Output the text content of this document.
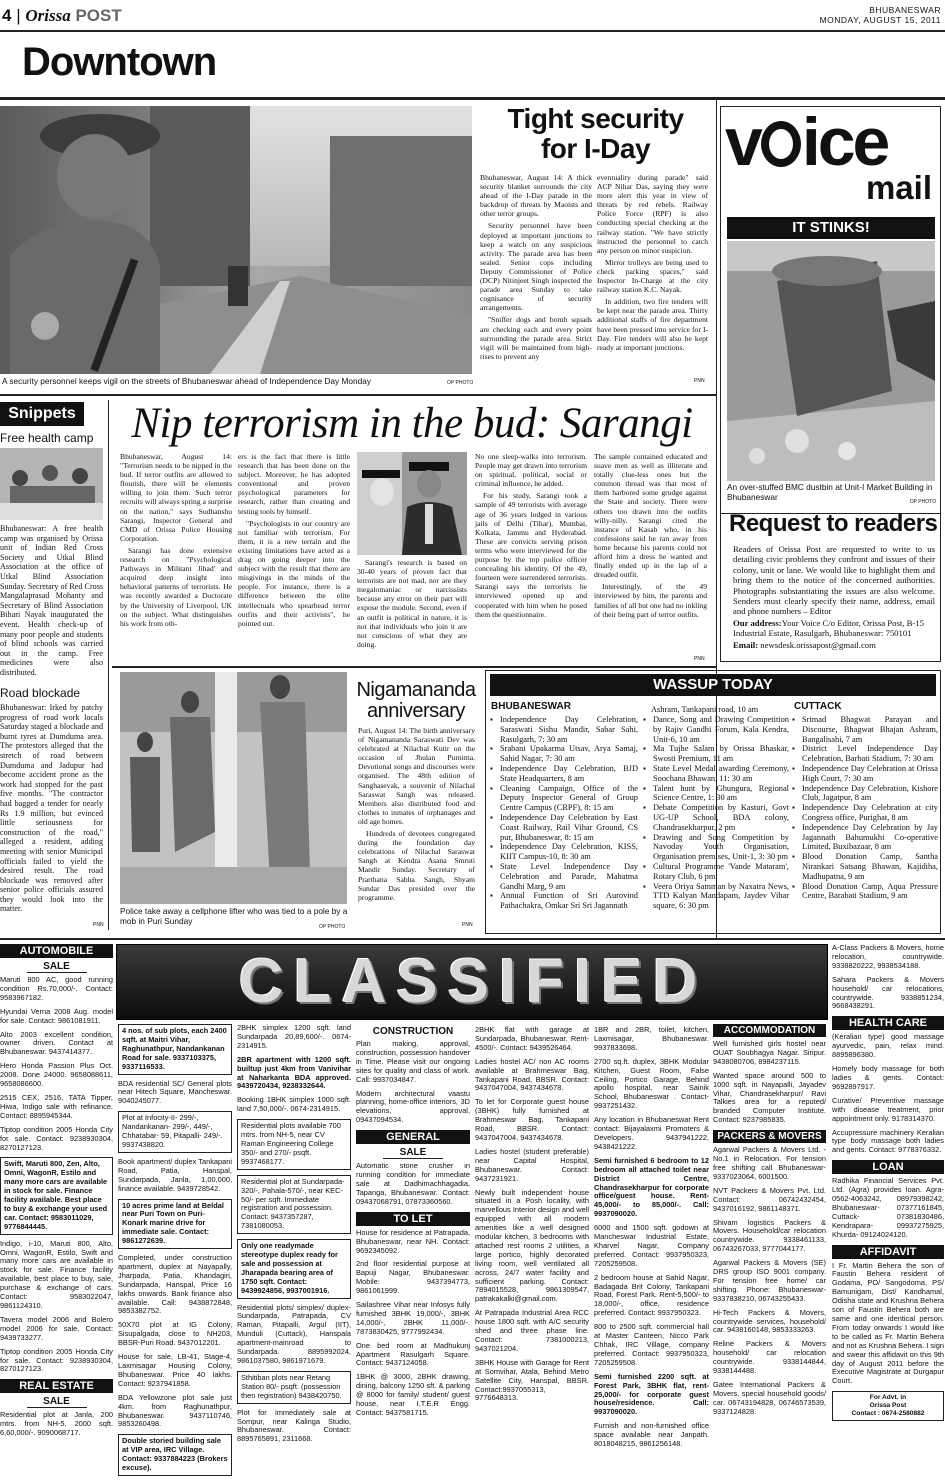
4 | Orissa POST	BHUBANESWAR
MONDAY, AUGUST 15, 2011
Downtown
A security personnel keeps vigil on the streets of Bhubaneswar ahead of Independence Day Monday	OP PHOTO
Tight security
for I-Day

Bhubaneswar, August 14: A thick security blanket surrounds the city ahead of the I-Day parade in the backdrop of threats by Maoists and other terror groups.

Security personnel have been deployed at important junctions to keep a watch on any suspicious activity. The parade area has been sealed. Senior cops including Deputy Commissioner of Police (DCP) Nitinjeet Singh inspected the parade area Sunday to take cognisance of security arrangements.

"Sniffer dogs and bomb squads are checking each and every point surrounding the parade area. Strict vigil will be maintained from high-rises to prevent any

eventuality during parade" said ACP Nihar Das, saying they were more alert this year in view of threats by red rebels. Railway Police Force (RPF) is also conducting special checking at the railway station. "We have strictly instructed the personnel to catch any person on minor suspicion.

Mirror trolleys are being used to check parking spaces," said Inspector In-Charge at the city railway station K.C. Nayak.

In addition, two fire tenders will be kept near the parade area. Thirty additional staffs of fire department have been pressed into service for I-Day. Fire tenders will also be kept ready at important junctions.

PNN
v ice
mail
IT STINKS!
An over-stuffed BMC dustbin at Unit-I Market Building in Bhubaneswar
OP PHOTO
Request to readers

Readers of Orissa Post are requested to write to us detailing civic problems they confront and issues of their colony, unit or lane. We would like to highlight them and bring them to the notice of the concerned authorities. Photographs substantiating the issues are also welcome. Senders must clearly specify their name, address, email and phone numbers – Editor

Our address:Your Voice C/o Editor, Orissa Post, B-15 Industrial Estate, Rasulgarh, Bhubaneswar: 750101
Email: newsdesk.orissapost@gmail.com
Snippets
Free health camp

Bhubaneswar: A free health camp was organised by Orissa unit of Indian Red Cross Society and Utkal Blind Association at the office of Utkal Blind Association Sunday. Secretary of Red Cross Mangalaprasad Mohanty and Secretary of Blind Association Bihari Nayak inaugurated the event. Health check-up of many poor people and students of blind schools was carried out in the camp. Free medicines were also distributed.

Road blockade

Bhubaneswar: Irked by patchy progress of road work locals Saturday staged a blockade and burnt tyres at Dumduma area. The protestors alleged that the stretch of road between Dumduma and Jadupur had become accident prone as the work had stopped for the past five months. "The contractor had bagged a tender for nearly Rs 1.9 million, but evinced little seriousness for construction of the road," alleged a resident, adding meeting with senior Municipal officials failed to yield the desired result. The road blockade was removed after senior police officials assured they would look into the matter.

PNN
Nip terrorism in the bud: Sarangi

Bhubaneswar, August 14: "Terrorism needs to be nipped in the bud. If terror outfits are allowed to flourish, there will be elements willing to join them. Such terror recruits will always spring a surprise on the nation," says Sudhanshu Sarangi, Inspector General and CMD of Orissa Police Housing Corporation.

Sarangi has done extensive research on "Psychological Pathways in Militant Jihad' and acquired deep insight into behavioral patterns of terrorists. He was recently awarded a Doctorate by the University of Liverpool, UK on the subject. What distinguishes his work from oth-

ers is the fact that there is little research that has been done on the subject. Moreover, he has adopted conventional and proven psychological parameters for research, rather than creating and testing tools by himself.

"Psychologists in our country are not familiar with terrorism. For them, it is a new terrain and the existing limitations have acted as a drag on going deeper into the subject with the result that there are misgivings in the minds of the people. For instance, there is a difference between the elite intellectuals who spearhead terror outfits and their activists", he pointed out.

Sarangi's research is based on 30-40 years of proven fact that terrorists are not mad, nor are they megalomaniac or narcissists because any error on their part will expose the module. Second, even if an outfit is political in nature, it is not that individuals who join it are not conscious of what they are doing.

No one sleep-walks into terrorism. People may get drawn into terrorism on spiritual, political, social or criminal influence, he added.

For his study, Sarangi took a sample of 49 terrorists with average age of 36 years lodged in various jails of Delhi (Tihar), Mumbai, Kolkata, Jammu and Hyderabad. These are convicts serving prison terms who were interviewed for the purpose by the top police officer concealing his identity. Of the 49, fourteen were surrendered terrorists. Sarangi says the terrorists he interviewed opened up and cooperated with him when he posed them the questionnaire.

The sample contained educated and suave men as well as illiterate and totally clue-less ones but the common thread was that most of them harbored some grudge against the State and society. There were others too drawn into the outfits willy-nilly. Sarangi cited the instance of Kasab who, in his confessions said he ran away from home because his parents could not afford him a dress he wanted and finally ended up in the lap of a dreaded outfit.

Interestingly, of the 49 interviewed by him, the parents and families of all but one had no inkling of their being part of terror outfits.

PNN
Police take away a cellphone lifter who was tied to a pole by a mob in Puri Sunday
OP PHOTO
Nigamananda
anniversary

Puri, August 14: The birth anniversary of Nigamananda Saraswati Dev was celebrated at Nilachal Kutir on the occasion of Jhulan Purnima. Devotional songs and discourses were organised. The 48th edition of Sanghasevak, a souvenir of Nilachal Saraswat Sangh was released. Members also distributed food and clothes to inmates of orphanages and old age homes.

Hundreds of devotees congregated during the foundation day celebrations of Nilachal Saraswat Sangh at Kendra Asana Smruti Mandir Sunday. Secretary of Prarthana Sabha Sangh, Shyam Sundar Das presided over the programme.

PNN
WASSUP TODAY
BHUBANESWAR
▪ Independence Day Celebration, Saraswati Sishu Mandir, Sabar Sahi, Rasulgarh, 7: 30 am
▪ Srabani Upakarma Utsav, Arya Samaj, Sahid Nagar, 7: 30 am
▪ Independence Day Celebration, BJD State Headquarters, 8 am
▪ Cleaning Campaign, Office of the Deputy Inspector General of Group Centre Campus (CRPF), 8: 15 am
▪ Independence Day Celebration by East Coast Railway, Rail Vihar Ground, CS pur, Bhubaneswar, 8: 15 am
▪ Independence Day Celebration, KISS, KIIT Campus-10, 8: 30 am
▪ State Level Independence Day Celebration and Parade, Mahatma Gandhi Marg, 9 am
▪ Annual Function of Sri Aurovind Pathachakra, Omkar Sri Sri Jagannath
Ashram, Tankapani road, 10 am
▪ Dance, Song and Drawing Competition by Rajiv Gandhi Forum, Kala Kendra, Unit-6, 10 am
▪ Ma Tujhe Salam by Orissa Bhaskar, Swosti Premium, 11 am
▪ State Level Medal awarding Ceremony, Soochana Bhawan, 11: 30 am
▪ Talent hunt by Ghungura, Regional Science Centre, 1: 30 am
▪ Debate Competition by Kasturi, Govt UG-UP School, BDA colony, Chandrasekharpur, 2 pm
▪ Drawing and Song Competition by Navoday Youth Organisation, Organisation premises, Unit-1, 3: 30 pm
▪ Cultural Programme 'Vande Mataram', Rotary Club, 6 pm
▪ Veera Oriya Samman by Naxatra News, TTD Kalyan Mandapam, Jaydev Vihar square, 6: 30 pm
CUTTACK
▪ Srimad Bhagwat Parayan and Discourse, Bhagwat Bhajan Ashram, Bangalisahi, 7 am
▪ District Level Independence Day Celebration, Barbati Stadium, 7: 30 am
▪ Independence Day Celebration at Orissa High Court, 7: 30 am
▪ Independence Day Celebration, Kishore Club, Jagatpur, 8 am
▪ Independence Day Celebration at city Congress office, Purighat, 8 am
▪ Independence Day Celebration by Jay Jagannath Bahumukhi Co-operative Limited, Buxibazaar, 8 am
▪ Blood Donation Camp, Santha Nirankari Satsang Bhawan, Kajidiha, Madhupatna, 9 am
▪ Blood Donation Camp, Aqua Pressure Centre, Barabati Stadium, 9 am
CLASSIFIED
AUTOMOBILE
SALE

Maruti 800 AC, good running condition Rs.70,000/-. Contact: 9583967182.

Hyundai Verna 2008 Aug. model for sale. Contact: 9861081911.

Alto 2003 excellent condition, owner driven. Contact at Bhubaneswar. 9437414377.

Hero Honda Passion Plus Oct. 2008. Done 24000. 9658088611, 9658086600.

2515 CEX, 2516, TATA Tipper, Hiwa, Indigo sale with refinance. Contact: 8895945344.

Tiptop condition 2005 Honda City for sale. Contact: 9238930304, 8270127123.

Swift, Maruti 800, Zen, Alto, Omni, WagonR, Estilo and many more cars are available in stock for sale. Finance facility available. Best place to buy & exchange your used car. Contact: 9583011029, 9776844445.

Indigo, i-10, Maruti 800, Alto, Omni, WagonR, Estilo, Swift and many more cars are available in stock for sale. Finance facility available, best place to buy, sale, purchase & exchange of cars. Contact: 9583022047, 9861124310.

Tavera model 2006 and Bolero model 2006 for sale. Contact: 9439733277.

Tiptop condition 2005 Honda City for sale. Contact: 9238930304, 8270127123.

REAL ESTATE
SALE

Residential plot at Janla, 200 mtrs. from NH-5, 2000 sqft. 6,60,000/-. 9090068717.

4 nos. of sub plots, each 2400 sqft. at Maitri Vihar, Raghunathpur, Nandankanan Road for sale. 9337103375, 9337116533.

BDA residential SC/ General plots near Hitech Square, Mancheswar. 9040245077.

Plot at Infocity-II- 299/-, Nandankanan- 299/-, 449/-, Chhatabar- 59, Pitapalli- 249/-. 9937438820.

Book apartment/ duplex Tankapani Road, Patia, Hanspal, Sundarpada, Janla, 1,00,000, finance available. 9439728542.

10 acres prime land at Beldal near Puri Town on Puri- Konark marine drive for immediate sale. Contact: 9861272639.

Completed, under construction apartment, duplex at Nayapally, Jharpada, Patia, Khandagiri, Sundarpada, Hanspal, Price 16 lakhs onwards. Bank finance also available. Call: 9438872848, 9853382752.

50X70 plot at IG Colony, Sisupalgada, close to NH203, BBSR-Puri Road. 9437012201.

House for sale, LB-41, Stage-4, Laxmisagar Housing Colony, Bhubaneswar. Price 40 lakhs. Contact: 9237941858.

BDA Yellowzone plot sale just 4km. from Raghunathpur, Bhubaneswar. 9437110746, 9853260498.

Double storied building sale at VIP area, IRC Village. Contact: 9337884223 (Brokers excuse).

2BHK simplex 1200 sqft. land Sundarpada 20,89,600/-. 0674-2314915.

2BR apartment with 1200 sqft. builtup just 4km from Vanivihar at Naharkanta BDA approved. 9439720434, 9238332644.

Booking 1BHK simplex 1000 sqft. land 7,50,000/-. 0674-2314915.

Residential plots available 700 mtrs. from NH-5, near CV Raman Engineering College 350/- and 270/- psqft. 9937468177.
Residential plot at Sundarpada-320/-, Pahala-570/-, near KEC-50/- per sqft. Immediate registration and possession. Contact: 9437357287, 7381080053.
Only one readymade stereotype duplex ready for sale and possession at Jharapada bearing area of 1750 sqft. Contact: 9439924856, 9937001916.

Residential plots/ simplex/ duplex- Sundarpada, Patrapada, CV Raman, Pitapalli, Argul (IIT), Munduli (Cuttack), Hanspala apartment-mainroad to Sundarpada. 8895992024, 9861037580, 9861971679.

Sthitiban plots near Retang Station 80/- psqft. (possession then registration) 9438420750.

Plot for immediately sale at Sompur, near Kalinga Studio, Bhubaneswar. Contact: 8895765891, 2311668.

CONSTRUCTION

Plan making, approval, construction, possession handover in Time. Please visit our ongoing sites for quality and class of work. Call: 9937034847.

Modern architectural vaastu planning, home-office interiors, 3D elevations, approval, 09437094534.

GENERAL
SALE

Automatic stone crusher in running condition for immediate sale at Dadhimachhagadia, Tapanga, Bhubaneswar. Contact: 09437068791, 07873360560.

TO LET

House for residence at Patrapada, Bhubaneswar, near NH. Contact: 9692345092.

2nd floor residential purpose at Bapuji Nagar, Bhubaneswar. Mobile: 9437394773, 9861061999.

Sailashree Vihar near Infosys fully furnished 3BHK 19,000/-, 3BHK 14,000/-, 2BHK 11,000/-. 7873830425, 9777992434.

One bed room at Madhukunj Apartment Rasulgarh Square. Contact: 9437124058.

1BHK @ 3000, 2BHK drawing, dining, balcony 1250 sft. & parking @ 8000 for family/ student/ guest house, near I.T.E.R Engg. Contact: 9437581715.

2BHK flat with garage at Sundarpada, Bhubaneswar. Rent-4500/-. Contact: 9439526464.

Ladies hostel AC/ non AC rooms available at Brahmeswar Bag, Tankapani Road, BBSR. Contact: 9437047004, 9437434678.

To let for Corporate guest house (3BHK) fully furnished at Brahmeswar Bag, Tankapani Road, BBSR. Contact: 9437047004, 9437434678.

Ladies hostel (student preferable) near Capital Hospital, Bhubaneswar. Contact: 9437231921.

Newly built independent house situated in a Posh locality, with marvellous Interior design and well equipped with all modern amenities like a well designed modular kitchen, 3 bedrooms with attached rest rooms 2 utilities, a large portico, highly decorated living room, well ventilated all across, 24/7 water facility and sufficient parking. Contact: 7894015528, 9861309547, patrakakalki@gmail.com.

At Patrapada Industrial Area RCC house 1800 sqft. with A/C security shed and three phase line. Contact: 7381000213, 9437021204.

3BHK House with Garage for Rent at Somvihar, Atala, Behind Metro Satellite City, Hanspal, BBSR. Contact:9937055313, 9776648313.

1BR and 2BR, toilet, kitchen, Laxmisagar, Bhubaneswar. 9937833698.

2700 sq.ft. duplex, 3BHK Modular Kitchen, Guest Room, False Ceiling, Portico Garage, Behind apollo hospital, near Sainik School, Bhubaneswar . Contact- 9937251432.

Any location in Bhubaneswar Rent contact: Bijayalaxmi Promoters & Developers. 9437941222, 9438421222.

Semi furnished 6 bedroom to 12 bedroom all attached toilet near District Centre, Chandrasekharpur for corporate office/guest house. Rent-45,000/- to 85,000/-. Call: 9937090020.

6000 and 1500 sqft. godown at Mancheswar Industrial Estate, Kharvel Nagar, Company preferred. Contact: 9937950323, 7205259508.

2 bedroom house at Sahid Nagar, Badagada Brit Colony, Tankapani Road, Forest Park. Rent-5,500/- to 18,000/-, office, residence preferred. Contact: 9937950323.

800 to 2500 sqft. commercial hall at Master Canteen, Nicco Park Chhak, IRC Village, company preferred. Contact: 9937950323, 7205259508.

Semi furnished 2200 sqft. at Forest Park, 3BHK flat, rent-25,000/- for corporate guest house/residence. Call: 9937090020.

Furnish and non-furnished office space available near Janpath. 8018048215, 9861256148.

ACCOMMODATION

Well furnished girls hostel near OUAT Soubhagya Nagar. Siripur. 9438080706, 8984237115.

Wanted space around 500 to 1000 sqft. in Nayapalli, Jayadev Vihar, Chandrasekharpur/ Ravi Talkies area for a reputed/ branded Computer Institute. Contact: 9237985835.

PACKERS & MOVERS

Agarwal Packers & Movers Ltd. - No.1 in Relocation. For tension free shifting call Bhubaneswar- 9337023064, 6001500.

NVT Packers & Movers Pvt. Ltd. Contact: 06742432454, 9437016192, 9861148371.

Shivam logistics Packers & Movers. Household/car relocation countrywide. 9338461133, 06743267033, 9777044177.

Agarwal Packers & Movers (SE) DRS group ISO 9001 company. For tension free home/ car shifting. Phone: Bhubaneswar- 9337838210, 06743255433.

Hi-Tech Packers & Movers, countrywide services, household/ car. 9438160148, 9853333263.

Reline Packers & Movers household/ car relocation countrywide. 9338144844, 9338144488.

Gatee International Packers & Movers, special household goods/ car. 06743194828, 06746573539, 9337124828.

A-Class Packers & Movers, home relocation, countrywide. 9338820222, 9938534188.

Sahara Packers & Movers household/ car relocations, countrywide. 9338851234, 9668438291.

HEALTH CARE

(Keralian type) good massage ayurvedic, pain, relax mind. 8895896380.

Homely body massage for both ladies & gents. Contact: 9692897917.

Curative/ Preventive massage with disease treatment, prior appointment only. 9178314370.

Accupressure machinery Keralian type body massage both ladies and gents. Contact: 9778376332.

LOAN

Radhika Financial Services Pvt. Ltd. (Agra) provides loan. Agra- 0562-4063242, 08979398242, Bhubaneswar- 07377161845, Cuttack- 07381830486, Kendrapara- 09937275925, Khurda- 09124024120.

AFFIDAVIT

I Fr. Martin Behera the son of Faustin Behera resident of Godama, PO/ Sangodoma, PS/ Bamunigam, Dist/ Kandhamal, Odisha state and Krushna Behera son of Faustin Behera both are same and one identical person. From today onwards I would like to be called as Fr. Martin Behera and not as Krushna Behera. I sign and swear this affidavit on this 9th day of August 2011 before the Executive Magistrate at Durgapur Court.

For Advt. in
Orissa Post
Contact : 0674-2580882
